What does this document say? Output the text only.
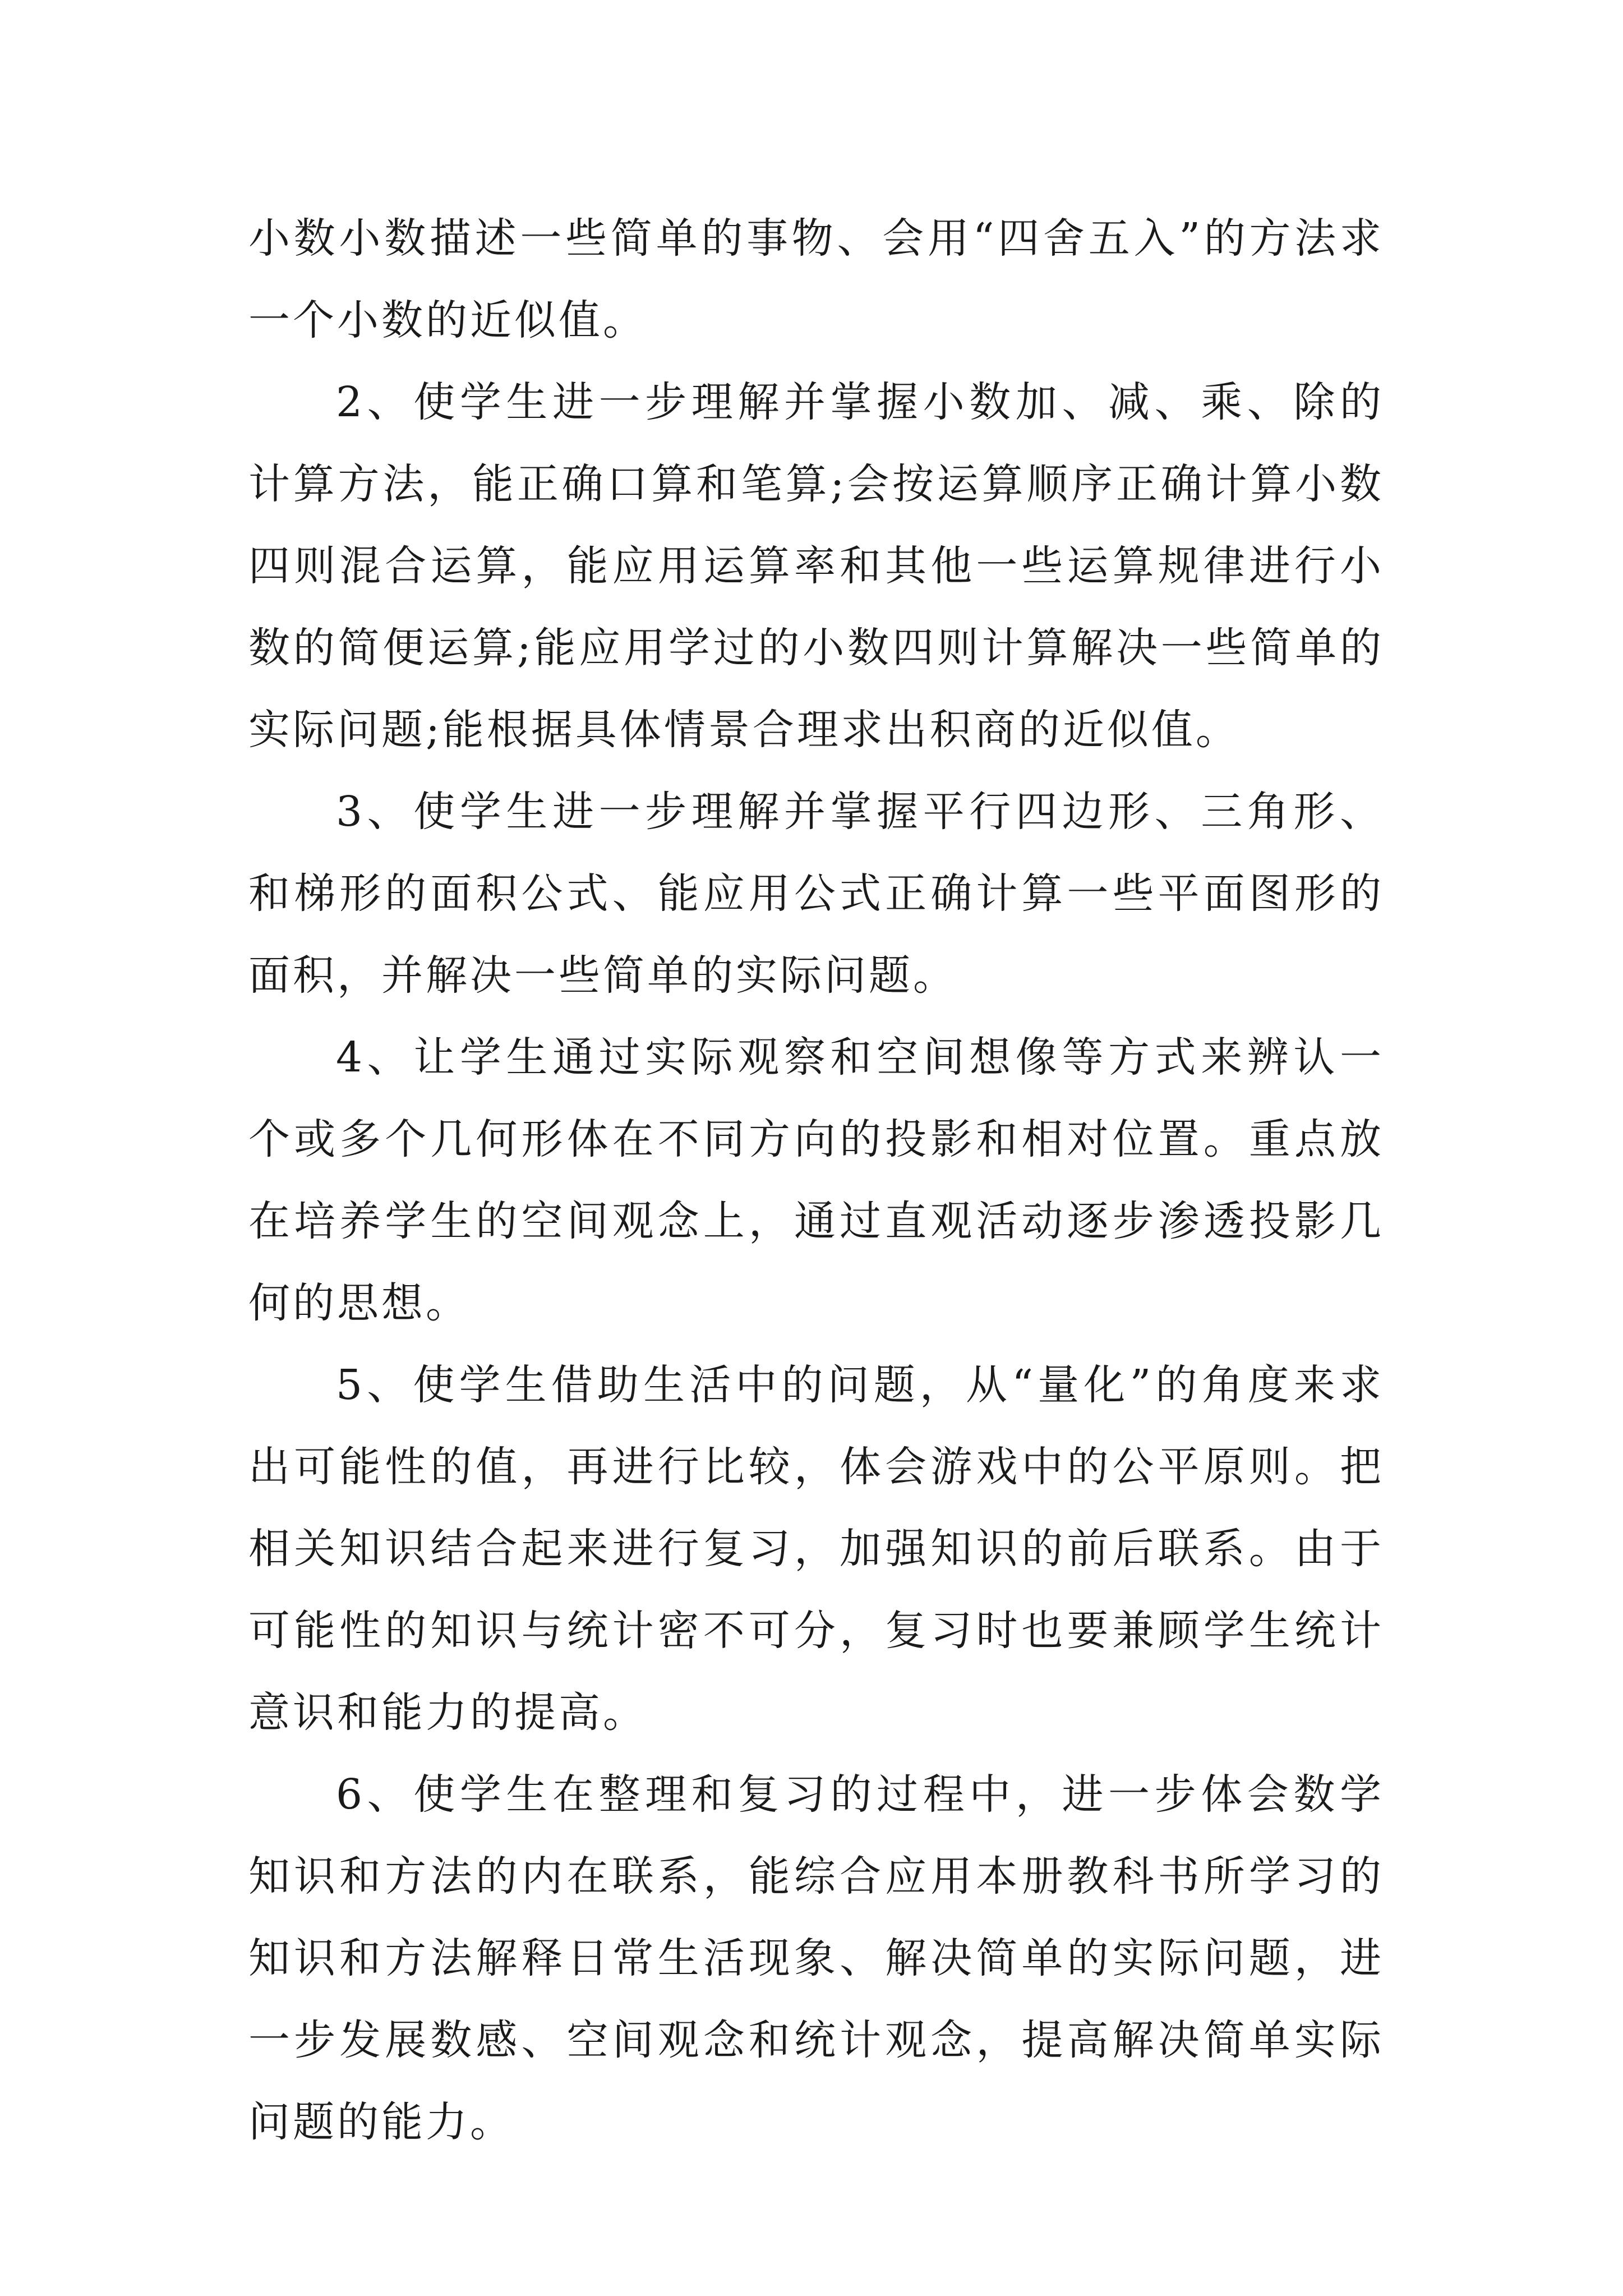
小数小数描述一些简单的事物、会用“四舍五入”的方法求一个小数的近似值。

2、使学生进一步理解并掌握小数加、减、乘、除的计算方法，能正确口算和笔算;会按运算顺序正确计算小数四则混合运算，能应用运算率和其他一些运算规律进行小数的简便运算;能应用学过的小数四则计算解决一些简单的实际问题;能根据具体情景合理求出积商的近似值。

3、使学生进一步理解并掌握平行四边形、三角形、和梯形的面积公式、能应用公式正确计算一些平面图形的面积，并解决一些简单的实际问题。

4、让学生通过实际观察和空间想像等方式来辨认一个或多个几何形体在不同方向的投影和相对位置。重点放在培养学生的空间观念上，通过直观活动逐步渗透投影几何的思想。

5、使学生借助生活中的问题，从“量化”的角度来求出可能性的值，再进行比较，体会游戏中的公平原则。把相关知识结合起来进行复习，加强知识的前后联系。由于可能性的知识与统计密不可分，复习时也要兼顾学生统计意识和能力的提高。

6、使学生在整理和复习的过程中，进一步体会数学知识和方法的内在联系，能综合应用本册教科书所学习的知识和方法解释日常生活现象、解决简单的实际问题，进一步发展数感、空间观念和统计观念，提高解决简单实际问题的能力。
